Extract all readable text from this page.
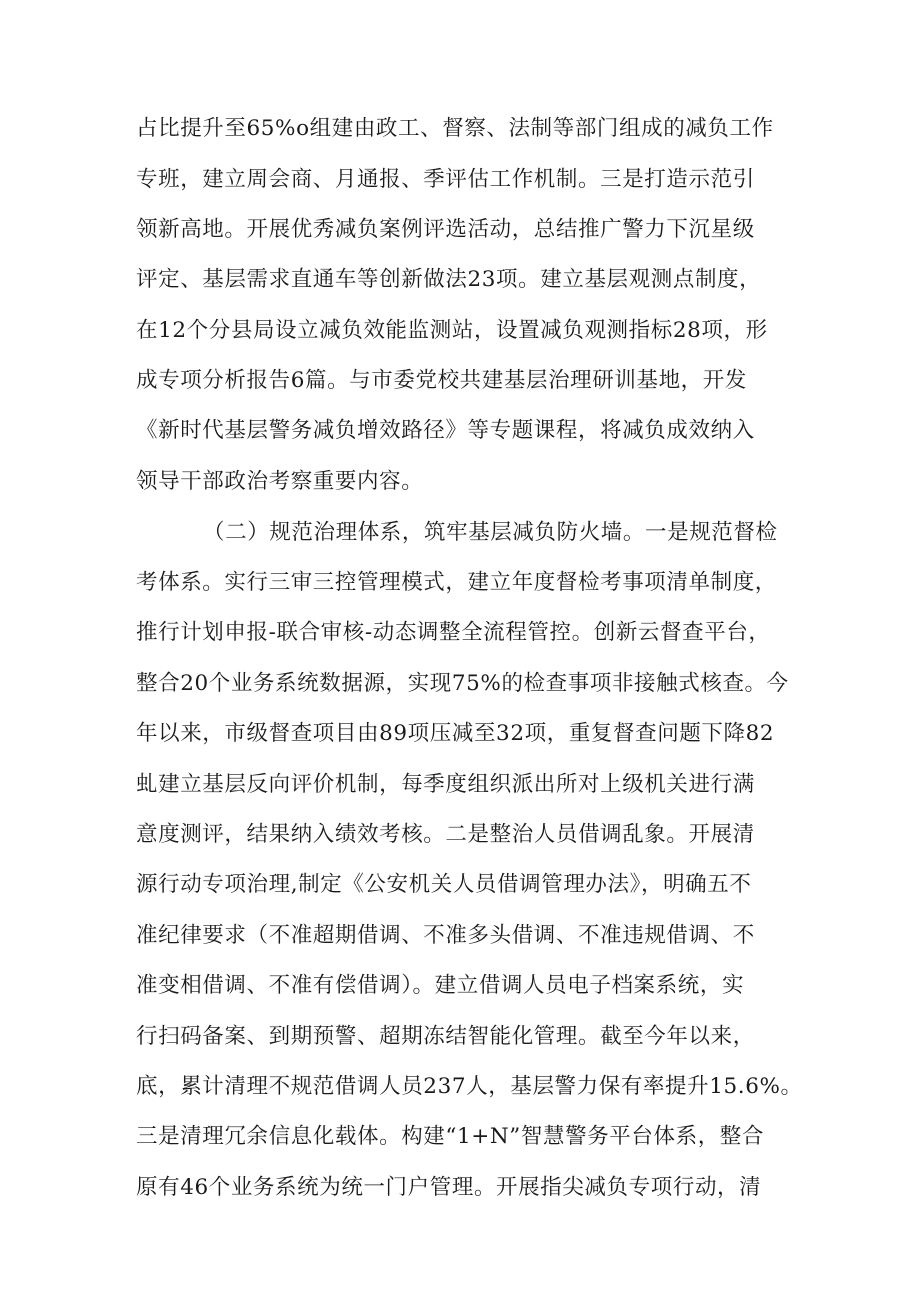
占比提升至65%o组建由政工、督察、法制等部门组成的减负工作
专班，建立周会商、月通报、季评估工作机制。三是打造示范引
领新高地。开展优秀减负案例评选活动，总结推广警力下沉星级
评定、基层需求直通车等创新做法23项。建立基层观测点制度，
在12个分县局设立减负效能监测站，设置减负观测指标28项，形
成专项分析报告6篇。与市委党校共建基层治理研训基地，开发
《新时代基层警务减负增效路径》等专题课程，将减负成效纳入
领导干部政治考察重要内容。
（二）规范治理体系，筑牢基层减负防火墙。一是规范督检
考体系。实行三审三控管理模式，建立年度督检考事项清单制度，
推行计划申报-联合审核-动态调整全流程管控。创新云督查平台，
整合20个业务系统数据源，实现75%的检查事项非接触式核查。今
年以来，市级督查项目由89项压减至32项，重复督查问题下降82
虬建立基层反向评价机制，每季度组织派出所对上级机关进行满
意度测评，结果纳入绩效考核。二是整治人员借调乱象。开展清
源行动专项治理,制定《公安机关人员借调管理办法》，明确五不
准纪律要求（不准超期借调、不准多头借调、不准违规借调、不
准变相借调、不准有偿借调）。建立借调人员电子档案系统，实
行扫码备案、到期预警、超期冻结智能化管理。截至今年以来，
底，累计清理不规范借调人员237人，基层警力保有率提升15.6%。
三是清理冗余信息化载体。构建“1+N”智慧警务平台体系，整合
原有46个业务系统为统一门户管理。开展指尖减负专项行动，清
